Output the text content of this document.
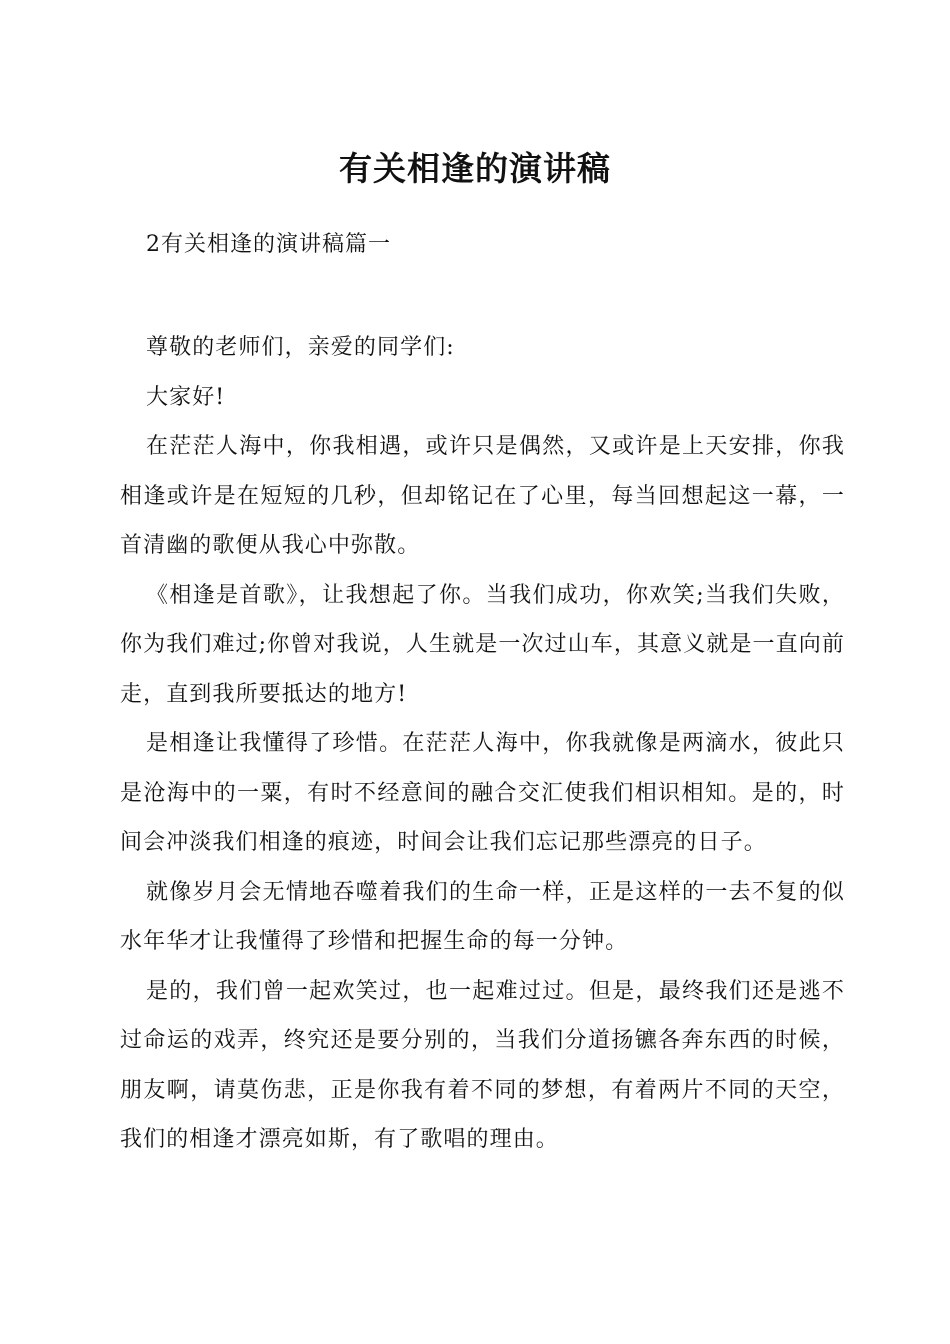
有关相逢的演讲稿
2有关相逢的演讲稿篇一

尊敬的老师们，亲爱的同学们:

大家好!

在茫茫人海中，你我相遇，或许只是偶然，又或许是上天安排，你我相逢或许是在短短的几秒，但却铭记在了心里，每当回想起这一幕，一首清幽的歌便从我心中弥散。

《相逢是首歌》，让我想起了你。当我们成功，你欢笑;当我们失败，你为我们难过;你曾对我说，人生就是一次过山车，其意义就是一直向前走，直到我所要抵达的地方!

是相逢让我懂得了珍惜。在茫茫人海中，你我就像是两滴水，彼此只是沧海中的一粟，有时不经意间的融合交汇使我们相识相知。是的，时间会冲淡我们相逢的痕迹，时间会让我们忘记那些漂亮的日子。

就像岁月会无情地吞噬着我们的生命一样，正是这样的一去不复的似水年华才让我懂得了珍惜和把握生命的每一分钟。

是的，我们曾一起欢笑过，也一起难过过。但是，最终我们还是逃不过命运的戏弄，终究还是要分别的，当我们分道扬镳各奔东西的时候，朋友啊，请莫伤悲，正是你我有着不同的梦想，有着两片不同的天空，我们的相逢才漂亮如斯，有了歌唱的理由。
